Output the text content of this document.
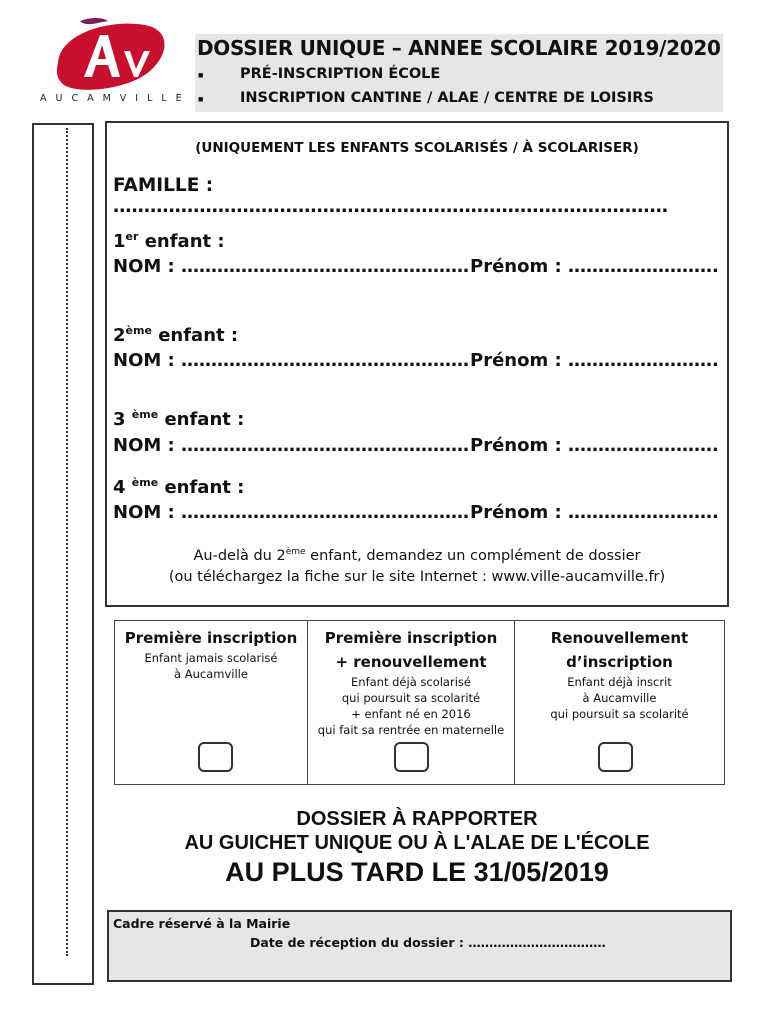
AUCAMVILLE
DOSSIER UNIQUE – ANNEE SCOLAIRE 2019/2020
■	PRÉ-INSCRIPTION ÉCOLE
■	INSCRIPTION CANTINE / ALAE / CENTRE DE LOISIRS
(UNIQUEMENT LES ENFANTS SCOLARISÉS / À SCOLARISER)
FAMILLE : ………………………………………………………………………………
1er enfant :
NOM : ………………………………………… Prénom : …………………….
2ème enfant :
NOM : ………………………………………… Prénom : …………………….
3 $^{ème}$ enfant :
NOM : ………………………………………… Prénom : …………………….
4 $^{ème}$ enfant :
NOM : ………………………………………… Prénom : …………………….
Au-delà du 2ème enfant, demandez un complément de dossier
(ou téléchargez la fiche sur le site Internet : www.ville-aucamville.fr)
Première inscription
Enfant jamais scolarisé
à Aucamville
Première inscription
+ renouvellement
Enfant déjà scolarisé
qui poursuit sa scolarité
+ enfant né en 2016
qui fait sa rentrée en maternelle
Renouvellement
d’inscription
Enfant déjà inscrit
à Aucamville
qui poursuit sa scolarité
DOSSIER À RAPPORTER
AU GUICHET UNIQUE OU À L'ALAE DE L'ÉCOLE
AU PLUS TARD LE 31/05/2019
Cadre réservé à la Mairie
Date de réception du dossier : ……………………………
